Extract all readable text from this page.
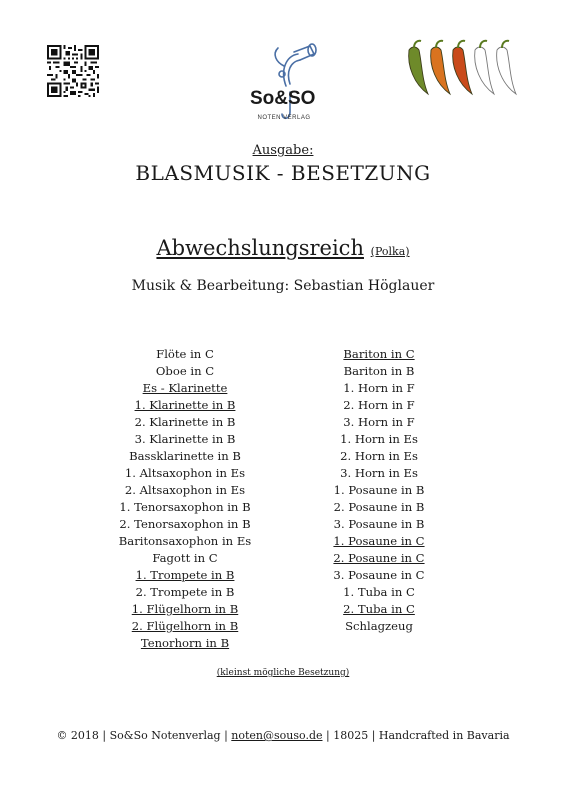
So&SO
NOTEN VERLAG
Ausgabe:
BLASMUSIK - BESETZUNG
Abwechslungsreich (Polka)
Musik & Bearbeitung: Sebastian Höglauer
Flöte in C
Oboe in C
Es - Klarinette
1. Klarinette in B
2. Klarinette in B
3. Klarinette in B
Bassklarinette in B
1. Altsaxophon in Es
2. Altsaxophon in Es
1. Tenorsaxophon in B
2. Tenorsaxophon in B
Baritonsaxophon in Es
Fagott in C
1. Trompete in B
2. Trompete in B
1. Flügelhorn in B
2. Flügelhorn in B
Tenorhorn in B
Bariton in C
Bariton in B
1. Horn in F
2. Horn in F
3. Horn in F
1. Horn in Es
2. Horn in Es
3. Horn in Es
1. Posaune in B
2. Posaune in B
3. Posaune in B
1. Posaune in C
2. Posaune in C
3. Posaune in C
1. Tuba in C
2. Tuba in C
Schlagzeug
(kleinst mögliche Besetzung)
© 2018 | So&So Notenverlag | noten@souso.de | 18025 | Handcrafted in Bavaria
